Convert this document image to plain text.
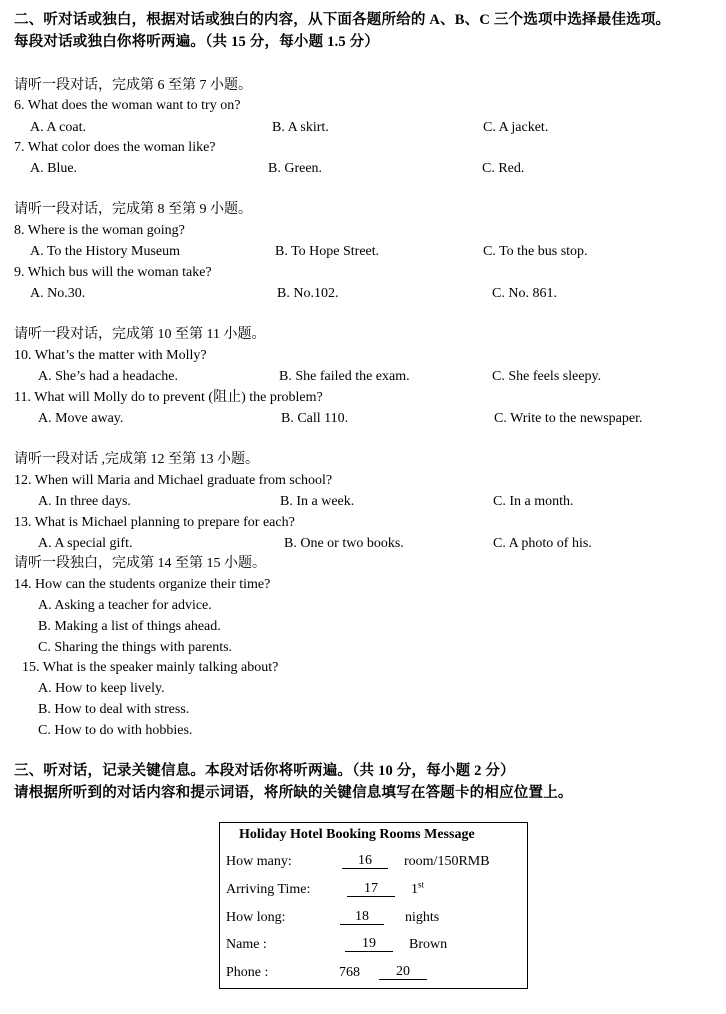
二、听对话或独白，根据对话或独白的内容，从下面各题所给的 A、B、C 三个选项中选择最佳选项。
每段对话或独白你将听两遍。（共 15 分，每小题 1.5 分）
请听一段对话，完成第 6 至第 7 小题。
6. What does the woman want to try on?
A. A coat.	B. A skirt.	C. A jacket.
7. What color does the woman like?
A. Blue.	B. Green.	C. Red.
请听一段对话，完成第 8 至第 9 小题。
8. Where is the woman going?
A. To the History Museum	B. To Hope Street.	C. To the bus stop.
9. Which bus will the woman take?
A. No.30.	B. No.102.	C. No. 861.
请听一段对话，完成第 10 至第 11 小题。
10. What’s the matter with Molly?
A. She’s had a headache.	B. She failed the exam.	C. She feels sleepy.
11. What will Molly do to prevent (阻止) the problem?
A. Move away.	B. Call 110.	C. Write to the newspaper.
请听一段对话 ,完成第 12 至第 13 小题。
12. When will Maria and Michael graduate from school?
A. In three days.	B. In a week.	C. In a month.
13. What is Michael planning to prepare for each?
A. A special gift.	B. One or two books.	C. A photo of his.
请听一段独白，完成第 14 至第 15 小题。
14. How can the students organize their time?
A. Asking a teacher for advice.
B. Making a list of things ahead.
C. Sharing the things with parents.
15. What is the speaker mainly talking about?
A. How to keep lively.
B. How to deal with stress.
C. How to do with hobbies.
三、听对话，记录关键信息。本段对话你将听两遍。（共 10 分，每小题 2 分）
请根据所听到的对话内容和提示词语，将所缺的关键信息填写在答题卡的相应位置上。
Holiday Hotel Booking Rooms Message
How many:	16	room/150RMB
Arriving Time:	17	1st
How long:	18	nights
Name :	19	Brown
Phone :	768	20
